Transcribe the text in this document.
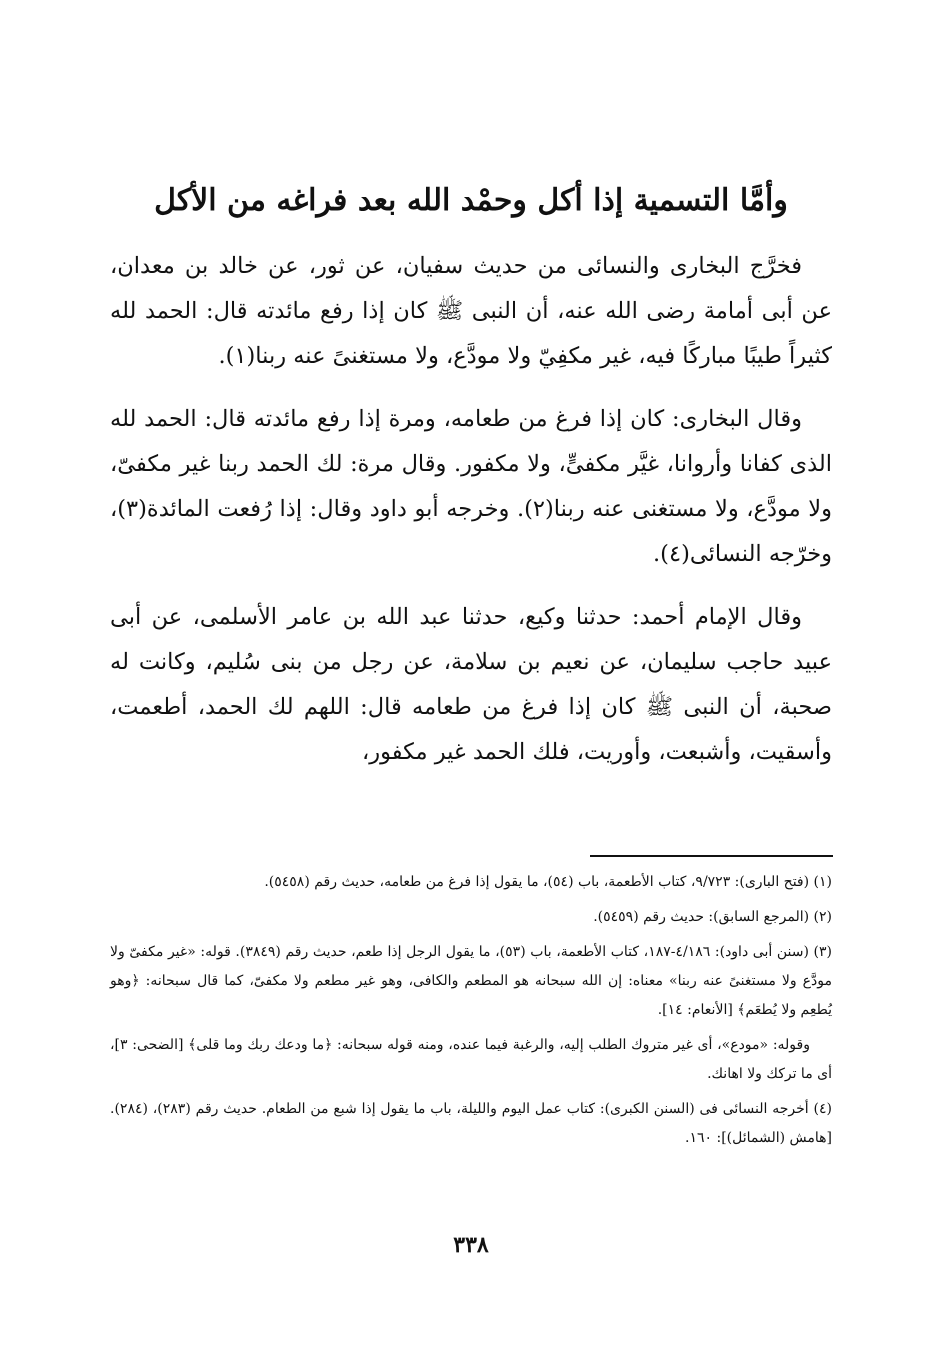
وأمَّا التسمية إذا أكل وحمْد الله بعد فراغه من الأكل

فخرَّج البخارى والنسائى من حديث سفيان، عن ثور، عن خالد بن معدان، عن أبى أمامة رضى الله عنه، أن النبى ﷺ كان إذا رفع مائدته قال: الحمد لله كثيراً طيبًا مباركًا فيه، غير مكفِيّ ولا مودَّع، ولا مستغنىً عنه ربنا(١).

وقال البخارى: كان إذا فرغ من طعامه، ومرة إذا رفع مائدته قال: الحمد لله الذى كفانا وأروانا، غيَّر مكفىٍّ، ولا مكفور. وقال مرة: لك الحمد ربنا غير مكفىّ، ولا مودَّع، ولا مستغنى عنه ربنا(٢). وخرجه أبو داود وقال: إذا رُفعت المائدة(٣)، وخرّجه النسائى(٤).

وقال الإمام أحمد: حدثنا وكيع، حدثنا عبد الله بن عامر الأسلمى، عن أبى عبيد حاجب سليمان، عن نعيم بن سلامة، عن رجل من بنى سُليم، وكانت له صحبة، أن النبى ﷺ كان إذا فرغ من طعامه قال: اللهم لك الحمد، أطعمت، وأسقيت، وأشبعت، وأوريت، فلك الحمد غير مكفور،

(١) (فتح البارى): ٩/٧٢٣، كتاب الأطعمة، باب (٥٤)، ما يقول إذا فرغ من طعامه، حديث رقم (٥٤٥٨).

(٢) (المرجع السابق): حديث رقم (٥٤٥٩).

(٣) (سنن أبى داود): ٤/١٨٦-١٨٧، كتاب الأطعمة، باب (٥٣)، ما يقول الرجل إذا طعم، حديث رقم (٣٨٤٩). قوله: «غير مكفىّ ولا مودَّع ولا مستغنىً عنه ربنا» معناه: إن الله سبحانه هو المطعم والكافى، وهو غير مطعم ولا مكفىّ، كما قال سبحانه: ﴿وهو يُطعِم ولا يُطعَم﴾ [الأنعام: ١٤].

وقوله: «مودع»، أى غير متروك الطلب إليه، والرغبة فيما عنده، ومنه قوله سبحانه: ﴿ما ودعك ربك وما قلى﴾ [الضحى: ٣]، أى ما تركك ولا اهانك.

(٤) أخرجه النسائى فى (السنن الكبرى): كتاب عمل اليوم والليلة، باب ما يقول إذا شبع من الطعام. حديث رقم (٢٨٣)، (٢٨٤). [هامش (الشمائل)]: ١٦٠.

٣٣٨
